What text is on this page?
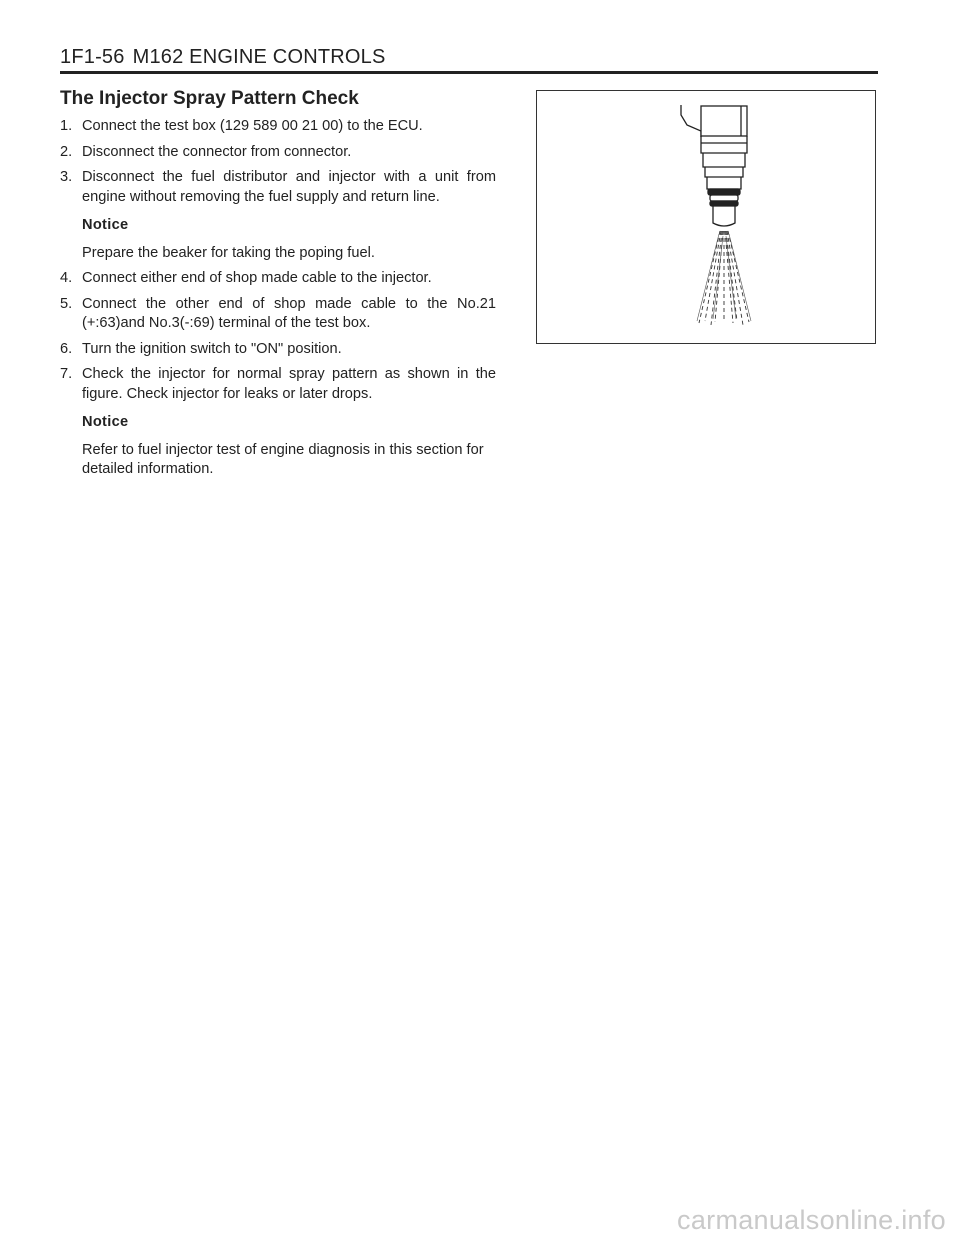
1F1-56 M162 ENGINE CONTROLS
The Injector Spray Pattern Check
1. Connect the test box (129 589 00 21 00) to the ECU.
2. Disconnect the connector from connector.
3. Disconnect the fuel distributor and injector with a unit from engine without removing the fuel supply and return line.
Notice
Prepare the beaker for taking the poping fuel.
4. Connect either end of shop made cable to the injector.
5. Connect the other end of shop made cable to the No.21 (+:63)and No.3(-:69) terminal of the test box.
6. Turn the ignition switch to "ON" position.
7. Check the injector for normal spray pattern as shown in the figure. Check injector for leaks or later drops.
Notice
Refer to fuel injector test of engine diagnosis in this section for detailed information.
carmanualsonline.info
